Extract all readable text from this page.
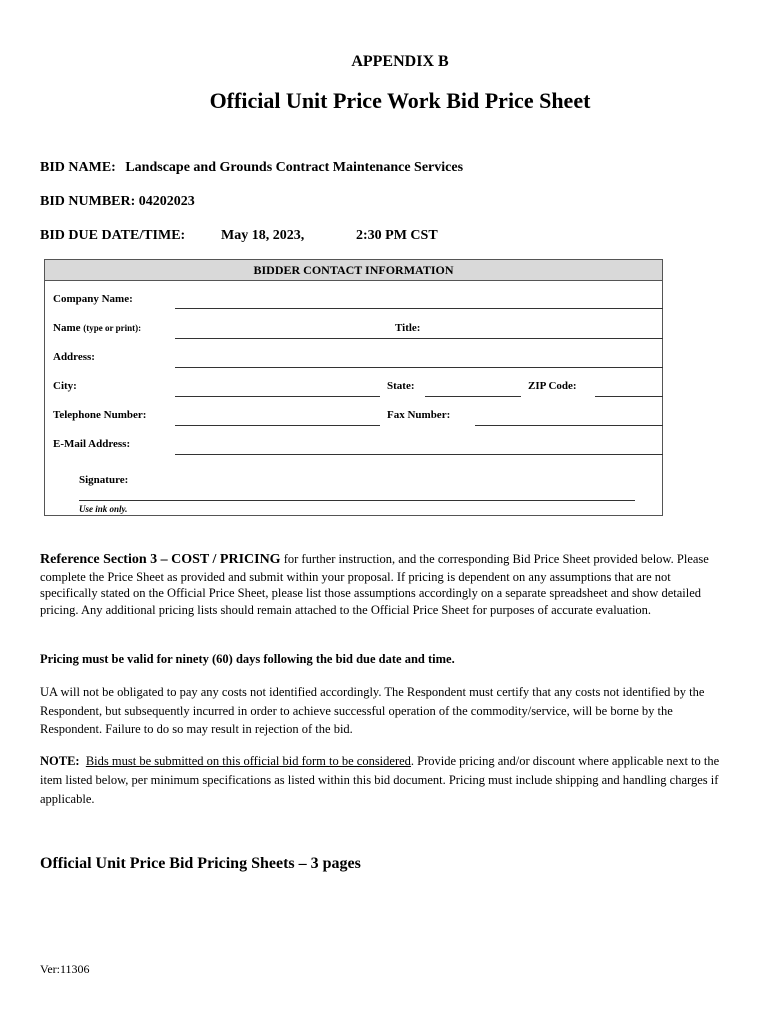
APPENDIX B
Official Unit Price Work Bid Price Sheet
BID NAME: Landscape and Grounds Contract Maintenance Services
BID NUMBER: 04202023
BID DUE DATE/TIME:	May 18, 2023,	2:30 PM CST
BIDDER CONTACT INFORMATION
Company Name:
Name (type or print):	Title:
Address:
City:	State:	ZIP Code:
Telephone Number:	Fax Number:
E-Mail Address:
Signature:
Use ink only.
Reference Section 3 – COST / PRICING for further instruction, and the corresponding Bid Price Sheet provided below. Please complete the Price Sheet as provided and submit within your proposal. If pricing is dependent on any assumptions that are not specifically stated on the Official Price Sheet, please list those assumptions accordingly on a separate spreadsheet and show detailed pricing. Any additional pricing lists should remain attached to the Official Price Sheet for purposes of accurate evaluation.
Pricing must be valid for ninety (60) days following the bid due date and time.
UA will not be obligated to pay any costs not identified accordingly. The Respondent must certify that any costs not identified by the Respondent, but subsequently incurred in order to achieve successful operation of the commodity/service, will be borne by the Respondent. Failure to do so may result in rejection of the bid.
NOTE: Bids must be submitted on this official bid form to be considered. Provide pricing and/or discount where applicable next to the item listed below, per minimum specifications as listed within this bid document. Pricing must include shipping and handling charges if applicable.
Official Unit Price Bid Pricing Sheets – 3 pages
Ver:11306
